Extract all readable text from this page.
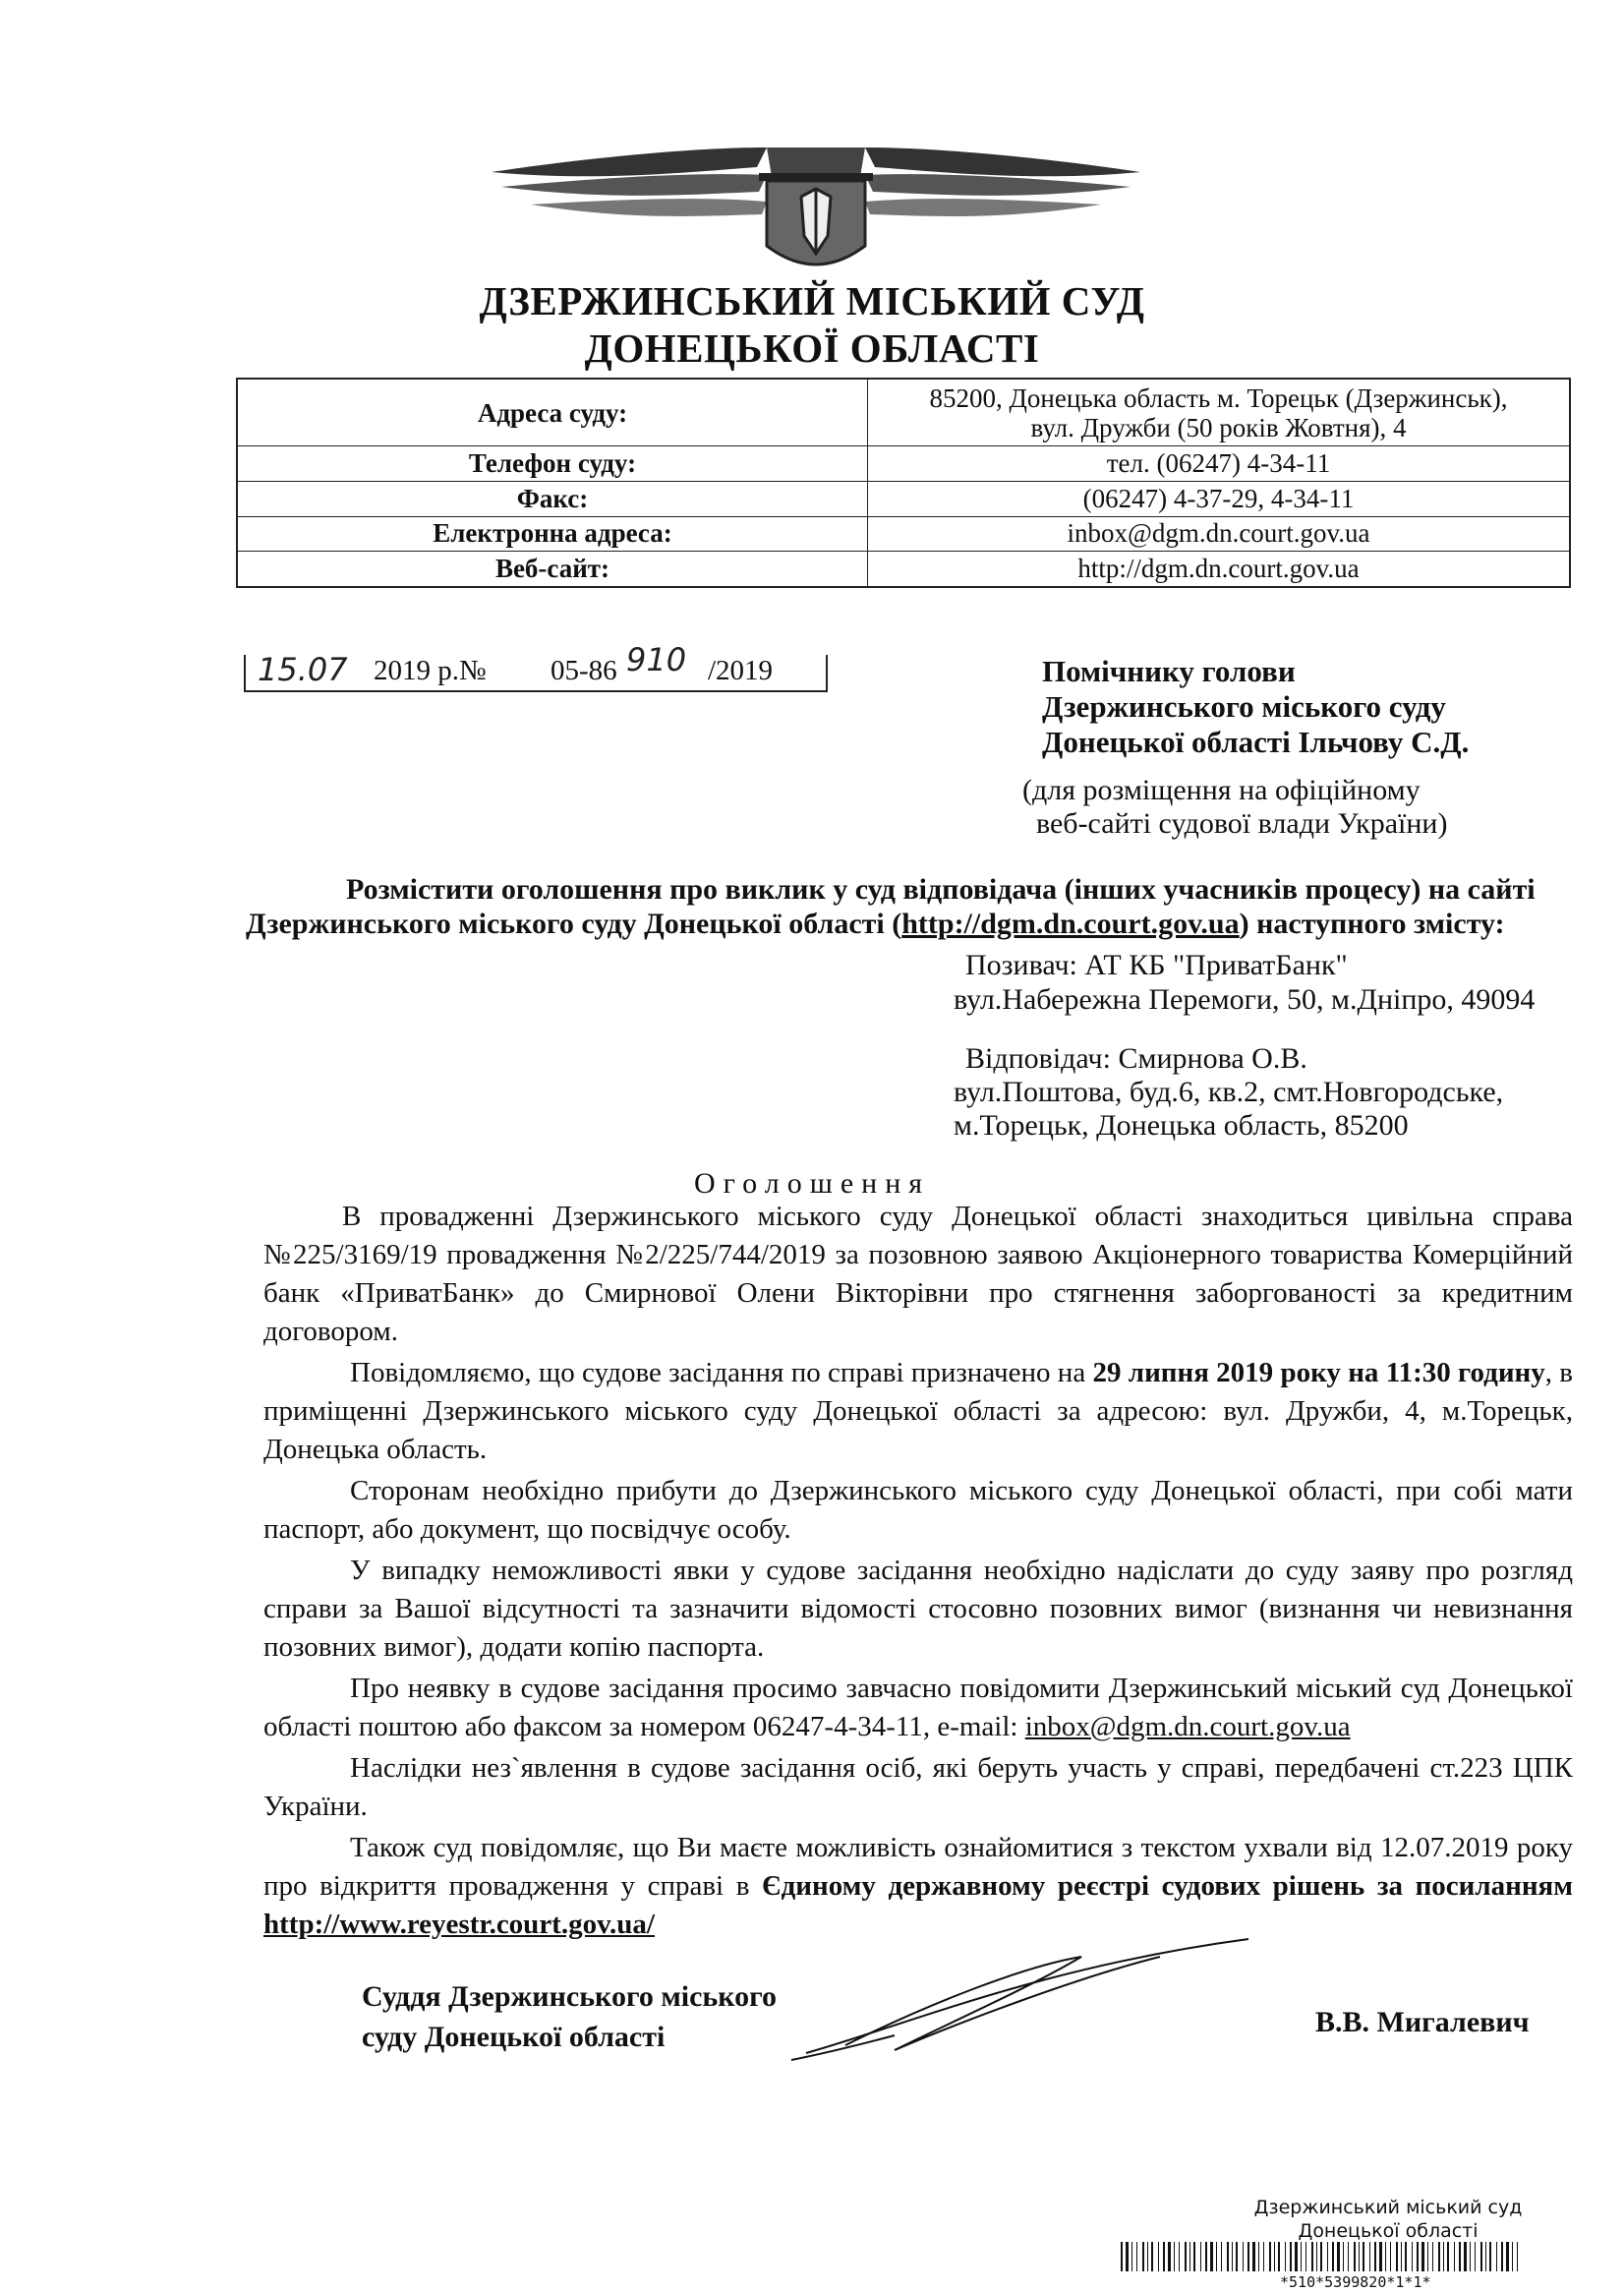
ДЗЕРЖИНСЬКИЙ МІСЬКИЙ СУД
ДОНЕЦЬКОЇ ОБЛАСТІ
Адреса суду:	85200, Донецька область м. Торецьк (Дзержинськ),
вул. Дружби (50 років Жовтня), 4

Телефон суду:	тел. (06247) 4-34-11
Факс:	(06247) 4-37-29, 4-34-11
Електронна адреса:	inbox@dgm.dn.court.gov.ua
Веб-сайт:	http://dgm.dn.court.gov.ua
15.07 2019 р.№ 05-86 910 /2019	Помічнику голови
Дзержинського міського суду
Донецької області Ільчову С.Д.
(для розміщення на офіційному
веб-сайті судової влади України)
Розмістити оголошення про виклик у суд відповідача (інших учасників процесу) на сайті
Дзержинського міського суду Донецької області (http://dgm.dn.court.gov.ua) наступного змісту:
Позивач: АТ КБ "ПриватБанк"
вул.Набережна Перемоги, 50, м.Дніпро, 49094
Відповідач: Смирнова О.В.
вул.Поштова, буд.6, кв.2, смт.Новгородське,
м.Торецьк, Донецька область, 85200
Оголошення

В провадженні Дзержинського міського суду Донецької області знаходиться цивільна справа №225/3169/19 провадження №2/225/744/2019 за позовною заявою Акціонерного товариства Комерційний банк «ПриватБанк» до Смирнової Олени Вікторівни про стягнення заборгованості за кредитним договором.

Повідомляємо, що судове засідання по справі призначено на 29 липня 2019 року на 11:30 годину, в приміщенні Дзержинського міського суду Донецької області за адресою: вул. Дружби, 4, м.Торецьк, Донецька область.

Сторонам необхідно прибути до Дзержинського міського суду Донецької області, при собі мати паспорт, або документ, що посвідчує особу.

У випадку неможливості явки у судове засідання необхідно надіслати до суду заяву про розгляд справи за Вашої відсутності та зазначити відомості стосовно позовних вимог (визнання чи невизнання позовних вимог), додати копію паспорта.

Про неявку в судове засідання просимо завчасно повідомити Дзержинський міський суд Донецької області поштою або факсом за номером 06247-4-34-11, e-mail: inbox@dgm.dn.court.gov.ua

Наслідки нез`явлення в судове засідання осіб, які беруть участь у справі, передбачені ст.223 ЦПК України.

Також суд повідомляє, що Ви маєте можливість ознайомитися з текстом ухвали від 12.07.2019 року про відкриття провадження у справі в Єдиному державному реєстрі судових рішень за посиланням http://www.reyestr.court.gov.ua/

Суддя Дзержинського міського
суду Донецької області	В.В. Мигалевич
Дзержинський міський суд
Донецької області
*510*5399820*1*1*
